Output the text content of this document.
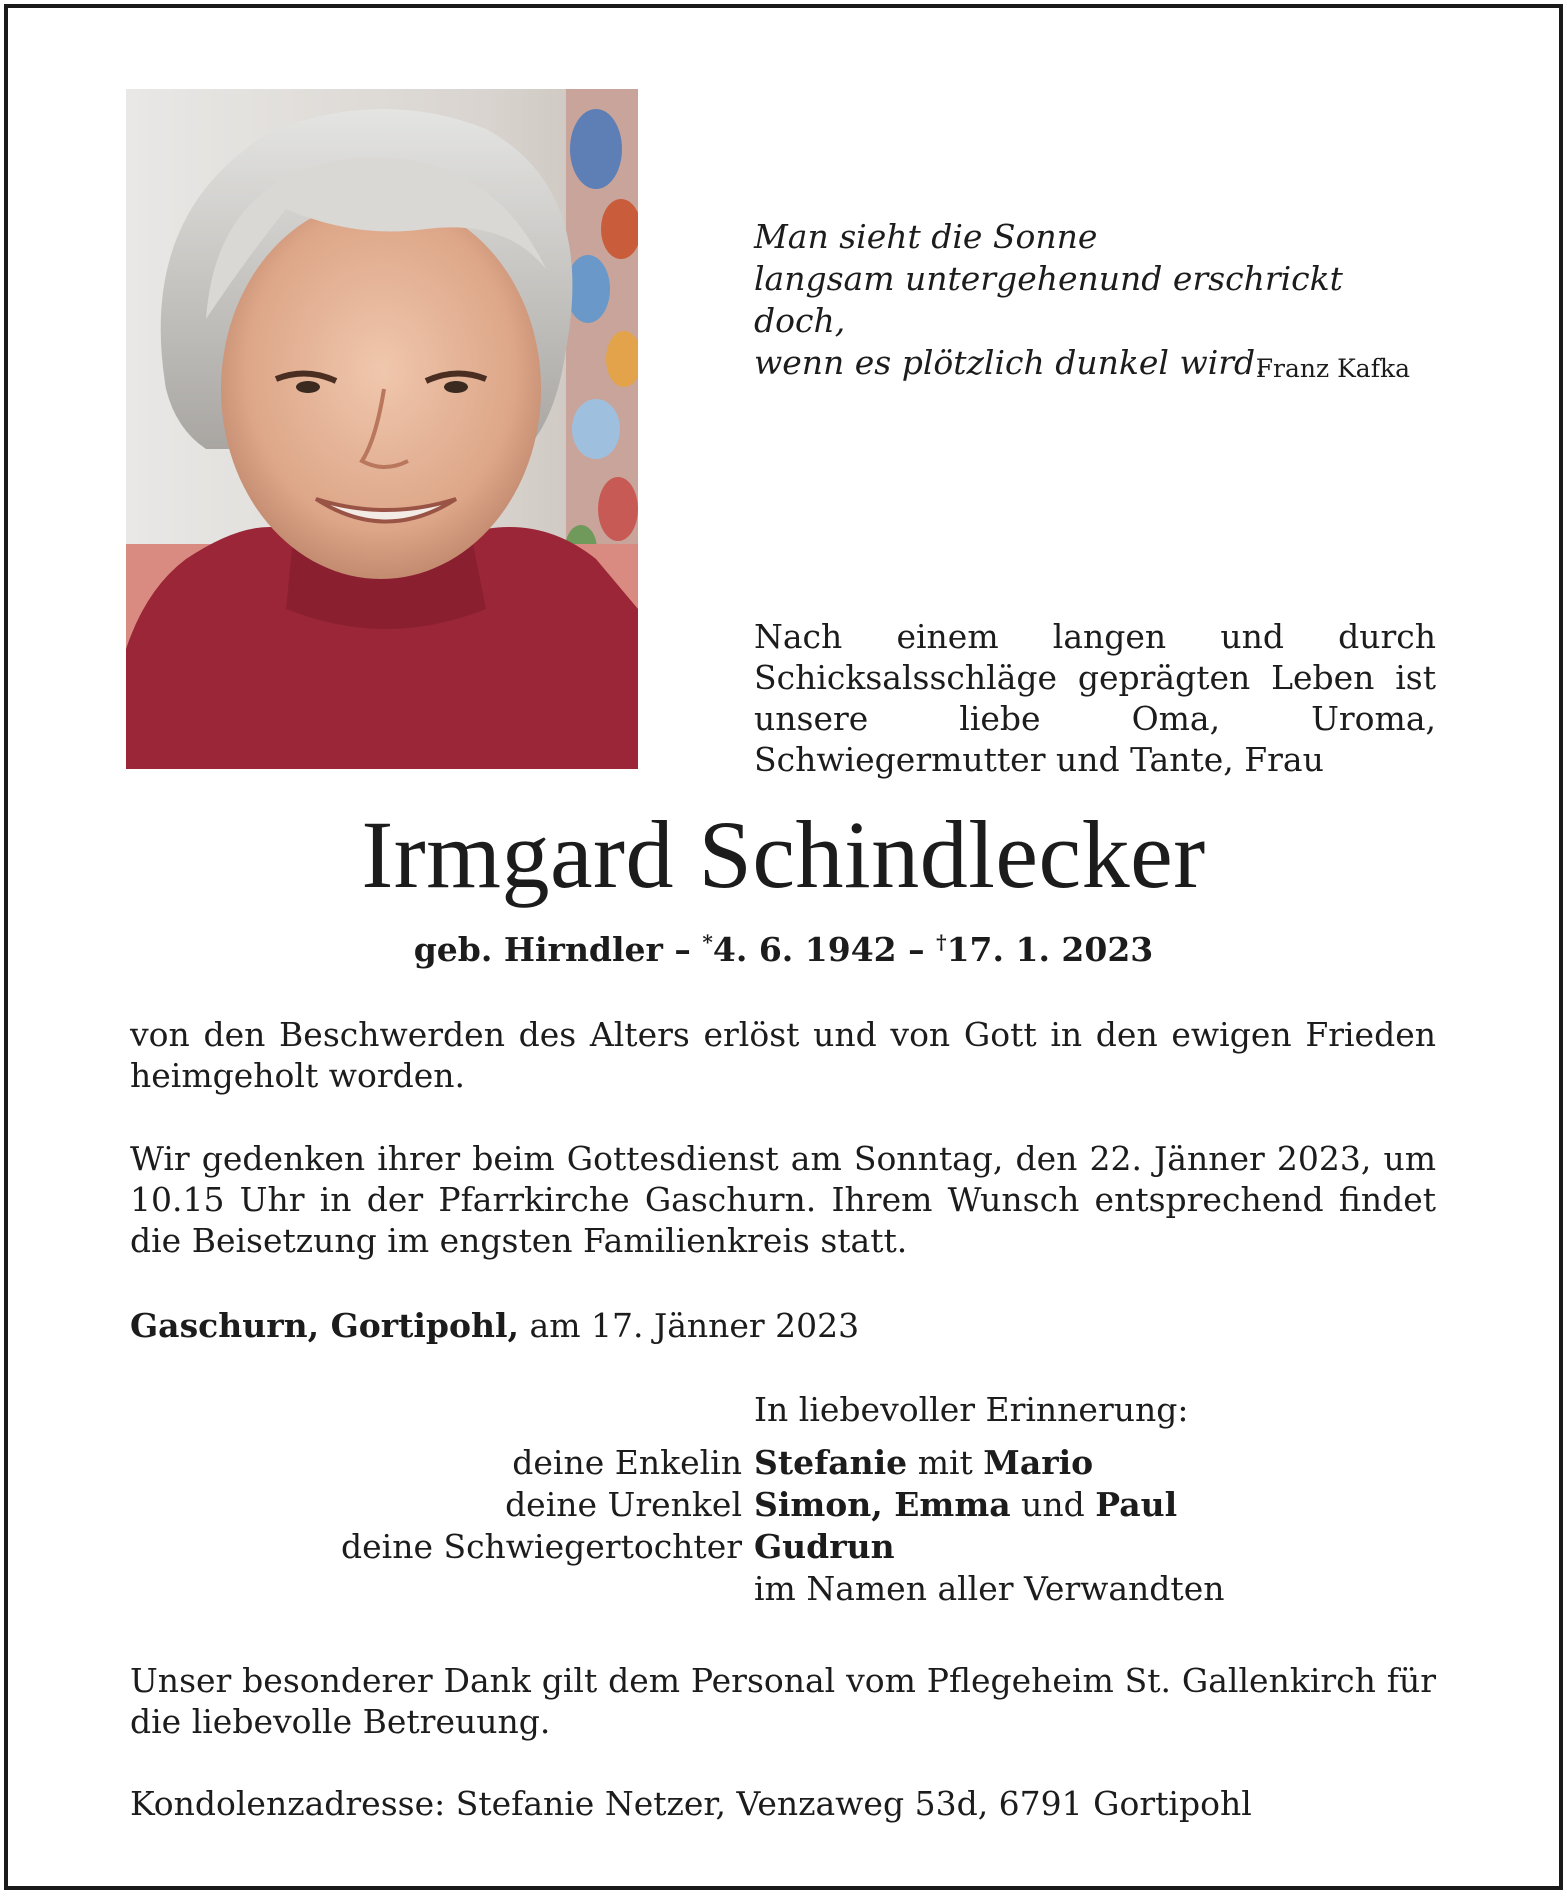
Man sieht die Sonne
langsam untergehenund erschrickt doch,
wenn es plötzlich dunkel wird.
Franz Kafka
Nach einem langen und durch Schicksalsschläge geprägten Leben ist unsere liebe Oma, Uroma, Schwiegermutter und Tante, Frau
Irmgard Schindlecker
geb. Hirndler – *4. 6. 1942 – †17. 1. 2023
von den Beschwerden des Alters erlöst und von Gott in den ewigen Frieden heimgeholt worden.
Wir gedenken ihrer beim Gottesdienst am Sonntag, den 22. Jänner 2023, um 10.15 Uhr in der Pfarrkirche Gaschurn. Ihrem Wunsch entsprechend findet die Beisetzung im engsten Familienkreis statt.
Gaschurn, Gortipohl, am 17. Jänner 2023
In liebevoller Erinnerung:
deine Enkelin Stefanie mit Mario
deine Urenkel Simon, Emma und Paul
deine Schwiegertochter Gudrun
im Namen aller Verwandten
Unser besonderer Dank gilt dem Personal vom Pflegeheim St. Gallenkirch für die liebevolle Betreuung.
Kondolenzadresse: Stefanie Netzer, Venzaweg 53d, 6791 Gortipohl
